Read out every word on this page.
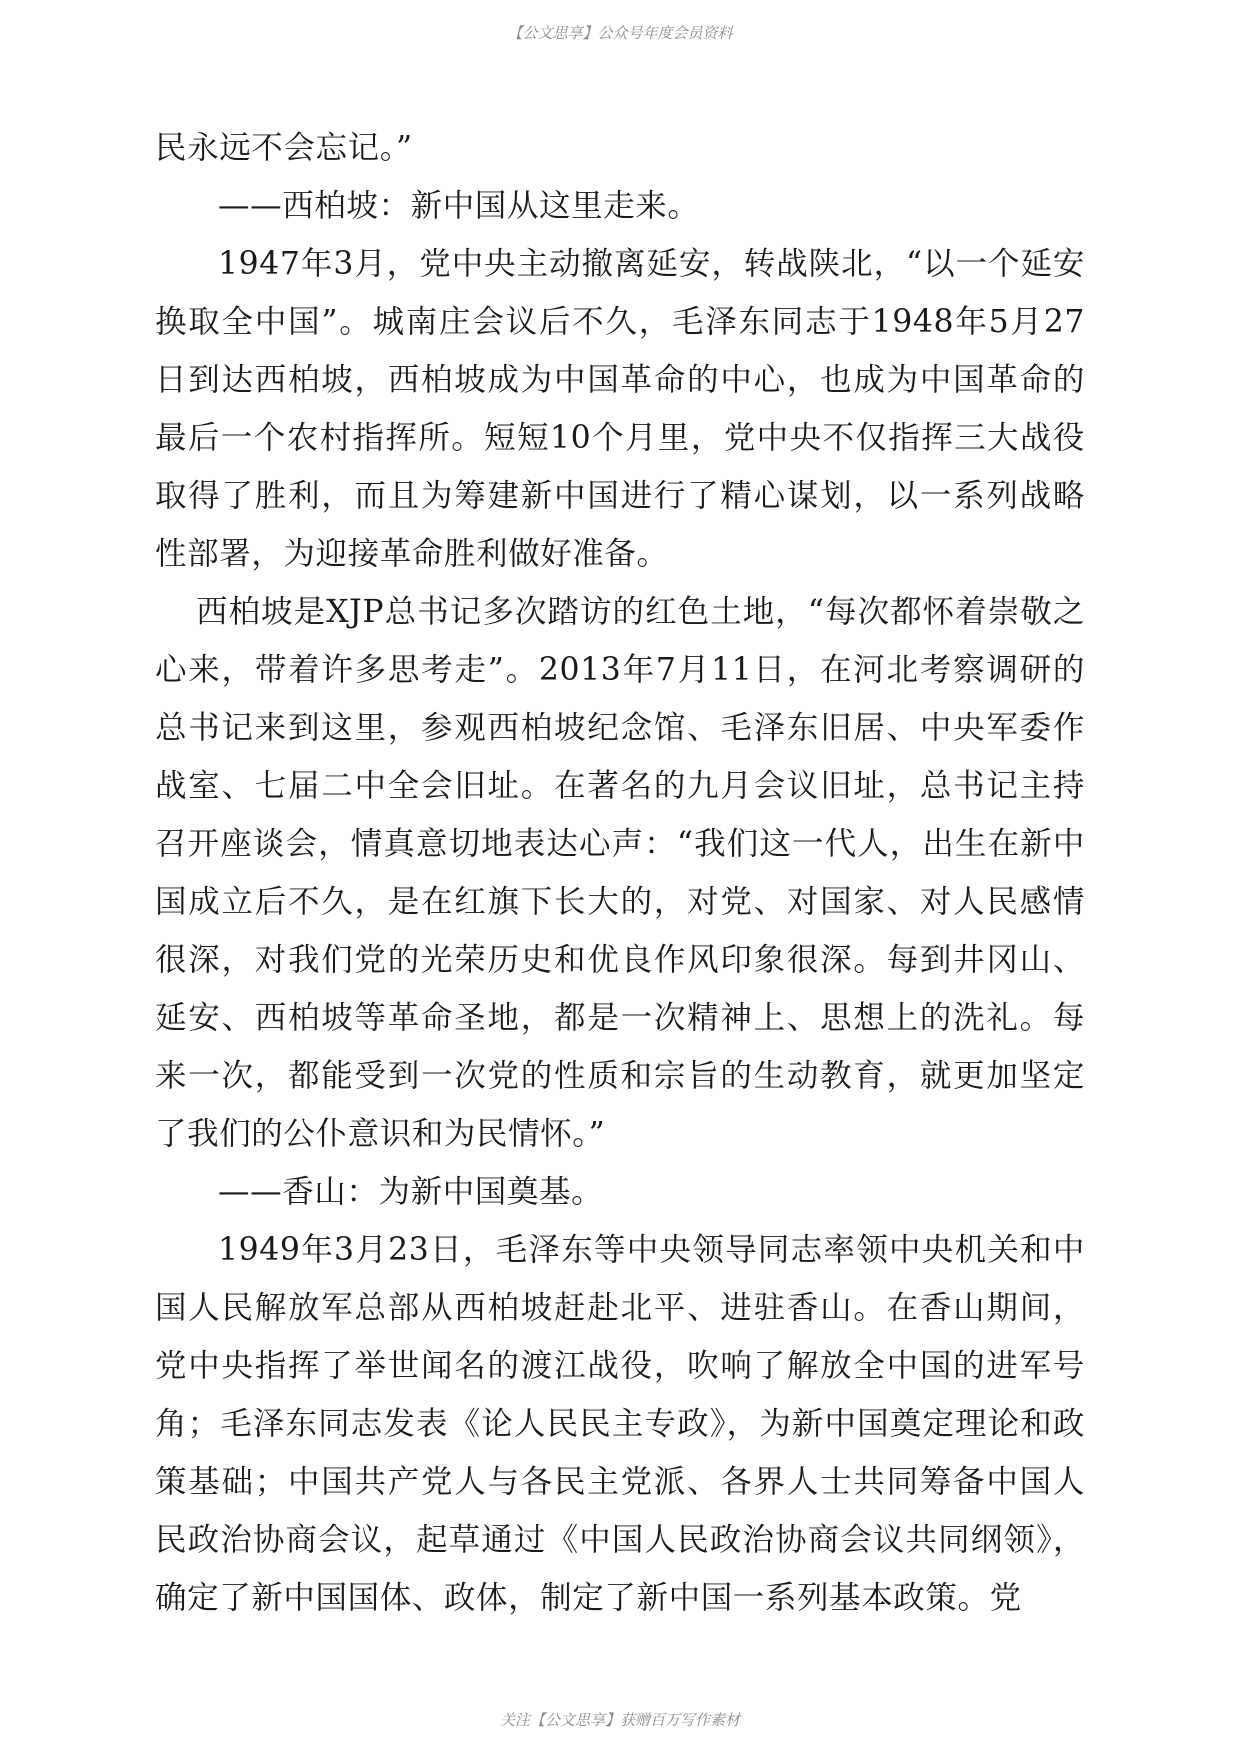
【公文思享】公众号年度会员资料

民永远不会忘记。”

——西柏坡：新中国从这里走来。

1947年3月，党中央主动撤离延安，转战陕北，“以一个延安换取全中国”。城南庄会议后不久，毛泽东同志于1948年5月27日到达西柏坡，西柏坡成为中国革命的中心，也成为中国革命的最后一个农村指挥所。短短10个月里，党中央不仅指挥三大战役取得了胜利，而且为筹建新中国进行了精心谋划，以一系列战略性部署，为迎接革命胜利做好准备。

西柏坡是XJP总书记多次踏访的红色土地，“每次都怀着崇敬之心来，带着许多思考走”。2013年7月11日，在河北考察调研的总书记来到这里，参观西柏坡纪念馆、毛泽东旧居、中央军委作战室、七届二中全会旧址。在著名的九月会议旧址，总书记主持召开座谈会，情真意切地表达心声：“我们这一代人，出生在新中国成立后不久，是在红旗下长大的，对党、对国家、对人民感情很深，对我们党的光荣历史和优良作风印象很深。每到井冈山、延安、西柏坡等革命圣地，都是一次精神上、思想上的洗礼。每来一次，都能受到一次党的性质和宗旨的生动教育，就更加坚定了我们的公仆意识和为民情怀。”

——香山：为新中国奠基。

1949年3月23日，毛泽东等中央领导同志率领中央机关和中国人民解放军总部从西柏坡赶赴北平、进驻香山。在香山期间，党中央指挥了举世闻名的渡江战役，吹响了解放全中国的进军号角；毛泽东同志发表《论人民民主专政》，为新中国奠定理论和政策基础；中国共产党人与各民主党派、各界人士共同筹备中国人民政治协商会议，起草通过《中国人民政治协商会议共同纲领》，确定了新中国国体、政体，制定了新中国一系列基本政策。党

关注【公文思享】获赠百万写作素材
